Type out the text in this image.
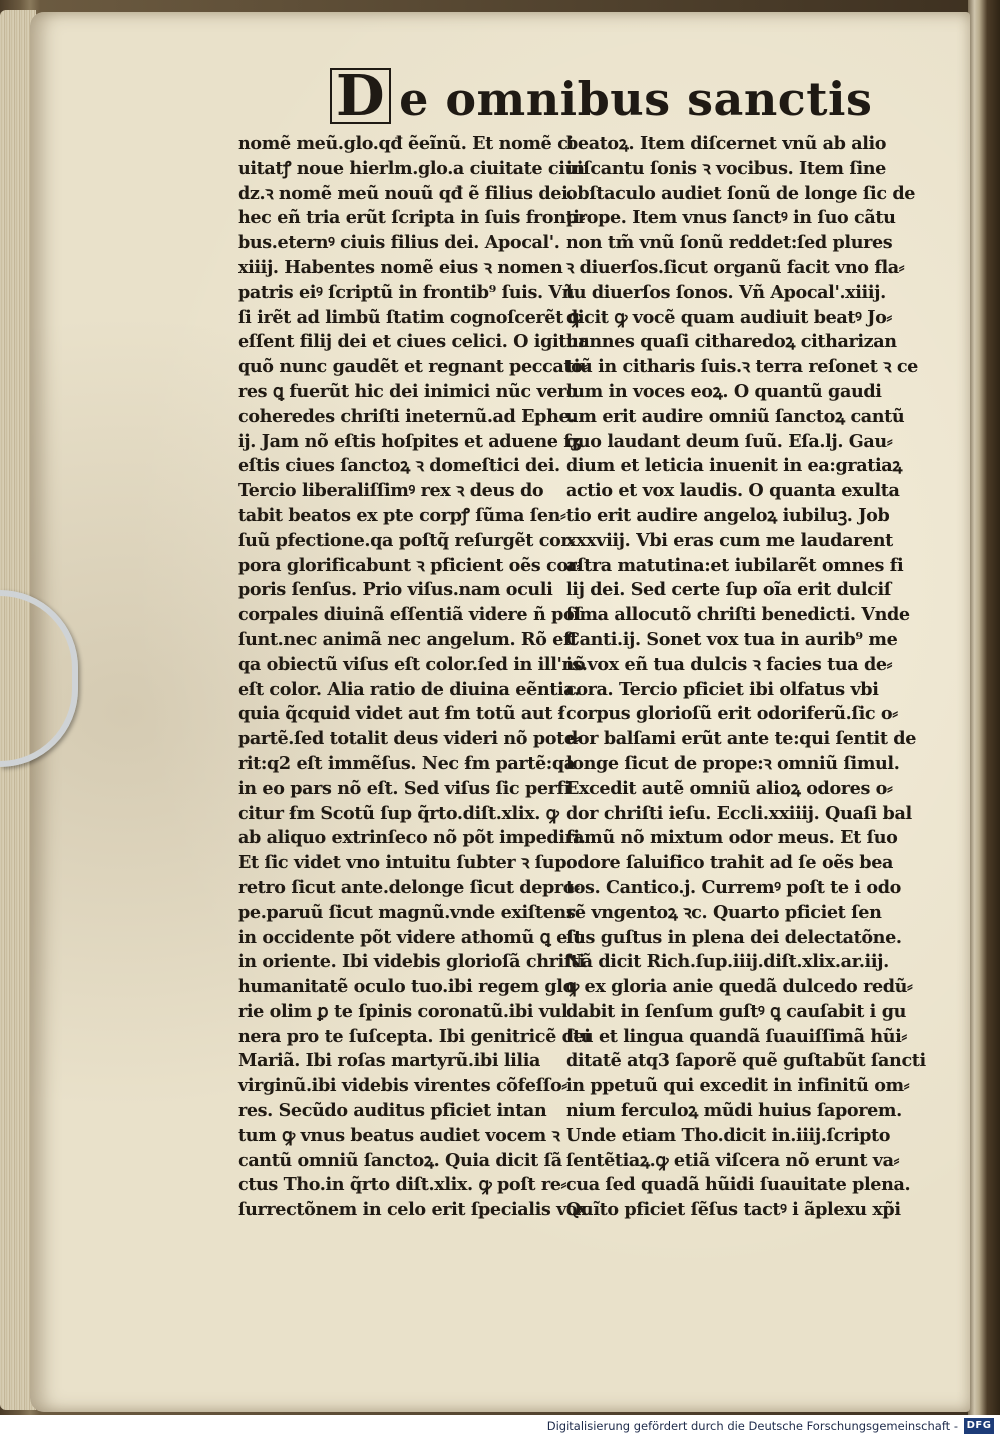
D e omnibus sanctis
nomẽ meũ.glo.qđ ẽeĩnũ. Et nomẽ ci
uitatꝭ noue hierlm.glo.a ciuitate ciuiſ
dz.ꝛ nomẽ meũ nouũ qđ ẽ filius dei.
hec eñ tria erũt ſcripta in ſuis fronti⸗
bus.eternꝰ ciuis filius dei. Apocal'.
xiiij. Habentes nomẽ eius ꝛ nomen
patris eiꝰ ſcriptũ in frontib⁹ ſuis. Vñ
ſi irẽt ad limbũ ſtatim cognoſcerẽt ꝙ
eſſent filij dei et ciues celici. O igitur
quõ nunc gaudẽt et regnant peccato⸗
res ꝗ fuerũt hic dei inimici nũc vero
coheredes chriſti ineternũ.ad Ephe.
ij. Jam nõ eſtis hoſpites et aduene ſʒ
eſtis ciues ſanctoꝝ ꝛ domeſtici dei.
Tercio liberaliſſimꝰ rex ꝛ deus do
tabit beatos ex pte corpꝭ ſũma ſen⸗
ſuũ pfectione.qa poſtq̃ reſurgẽt cor⸗
pora glorificabunt ꝛ pficient oẽs cor⸗
poris ſenſus. Prio viſus.nam oculi
corpales diuinã eſſentiã videre ñ poſ
ſunt.nec animã nec angelum. Rõ eſt
qa obiectũ viſus eſt color.ſed in ill'nõ
eſt color. Alia ratio de diuina eẽntia.
quia q̃cquid videt aut ẜm totũ aut ẜ
partẽ.ſed totalit deus videri nõ pote⸗
rit:q2 eſt immẽſus. Nec ẜm partẽ:qa
in eo pars nõ eſt. Sed viſus ſic perfi
citur ẜm Scotũ ſup q̃rto.diſt.xlix. ꝙ
ab aliquo extrinſeco nõ põt impediri.
Et ſic videt vno intuitu ſubter ꝛ ſup.
retro ſicut ante.delonge ſicut depro⸗
pe.paruũ ſicut magnũ.vnde exiſtens
in occidente põt videre athomũ ꝗ eſt
in oriente. Ibi videbis glorioſã chriſti
humanitatẽ oculo tuo.ibi regem glo
rie olim ꝑ te ſpinis coronatũ.ibi vul
nera pro te ſuſcepta. Ibi genitricẽ dei
Mariã. Ibi roſas martyrũ.ibi lilia
virginũ.ibi videbis virentes cõfeſſo⸗
res. Secũdo auditus pficiet intan
tum ꝙ vnus beatus audiet vocem ꝛ
cantũ omniũ ſanctoꝝ. Quia dicit ſã
ctus Tho.in q̃rto diſt.xlix. ꝙ poſt re⸗
ſurrectõnem in celo erit ſpecialis vox
beatoꝝ. Item diſcernet vnũ ab alio
in cantu ſonis ꝛ vocibus. Item ſine
obſtaculo audiet ſonũ de longe ſic de
prope. Item vnus ſanctꝰ in ſuo cãtu
non tm̃ vnũ ſonũ reddet:ſed plures
ꝛ diuerſos.ſicut organũ facit vno fla⸗
tu diuerſos ſonos. Vñ Apocal'.xiiij.
dicit ꝙ vocẽ quam audiuit beatꝰ Jo⸗
hannes quaſi citharedoꝝ citharizan
tiũ in citharis ſuis.ꝛ terra reſonet ꝛ ce
lum in voces eoꝝ. O quantũ gaudi
um erit audire omniũ ſanctoꝝ cantũ
quo laudant deum ſuũ. Eſa.lj. Gau⸗
dium et leticia inuenit in ea:gratiaꝝ
actio et vox laudis. O quanta exulta
tio erit audire angeloꝝ iubiluꝫ. Job
xxxviij. Vbi eras cum me laudarent
aſtra matutina:et iubilarẽt omnes fi
lij dei. Sed certe ſup oĩa erit dulciſ
ſima allocutõ chriſti benedicti. Vnde
Canti.ij. Sonet vox tua in aurib⁹ me
is.vox eñ tua dulcis ꝛ facies tua de⸗
cora. Tercio pficiet ibi olfatus vbi
corpus glorioſũ erit odoriferũ.ſic o⸗
dor balſami erũt ante te:qui ſentit de
longe ſicut de prope:ꝛ omniũ ſimul.
Excedit autẽ omniũ alioꝝ odores o⸗
dor chriſti ieſu. Eccli.xxiiij. Quaſi bal
ſamũ nõ mixtum odor meus. Et ſuo
odore ſaluifico trahit ad ſe oẽs bea
tos. Cantico.j. Curremꝰ poſt te i odo
rẽ vngentoꝝ ꝛc. Quarto pficiet ſen
ſus guſtus in plena dei delectatõne.
Nã dicit Rich.ſup.iiij.diſt.xlix.ar.iij.
ꝙ ex gloria anie quedã dulcedo redũ⸗
dabit in ſenſum guſtꝰ ꝗ cauſabit i gu
ſtu et lingua quandã ſuauiſſimã hũi⸗
ditatẽ atq3 ſaporẽ quẽ guſtabũt ſancti
in ppetuũ qui excedit in infinitũ om⸗
nium ferculoꝝ mũdi huius ſaporem.
Unde etiam Tho.dicit in.iiij.ſcripto
ſentẽtiaꝝ.ꝙ etiã viſcera nõ erunt va⸗
cua ſed quadã hũidi ſuauitate plena.
Quĩto pficiet ſẽſus tactꝰ i ãplexu xp̃i
Digitalisierung gefördert durch die Deutsche Forschungsgemeinschaft - DFG
